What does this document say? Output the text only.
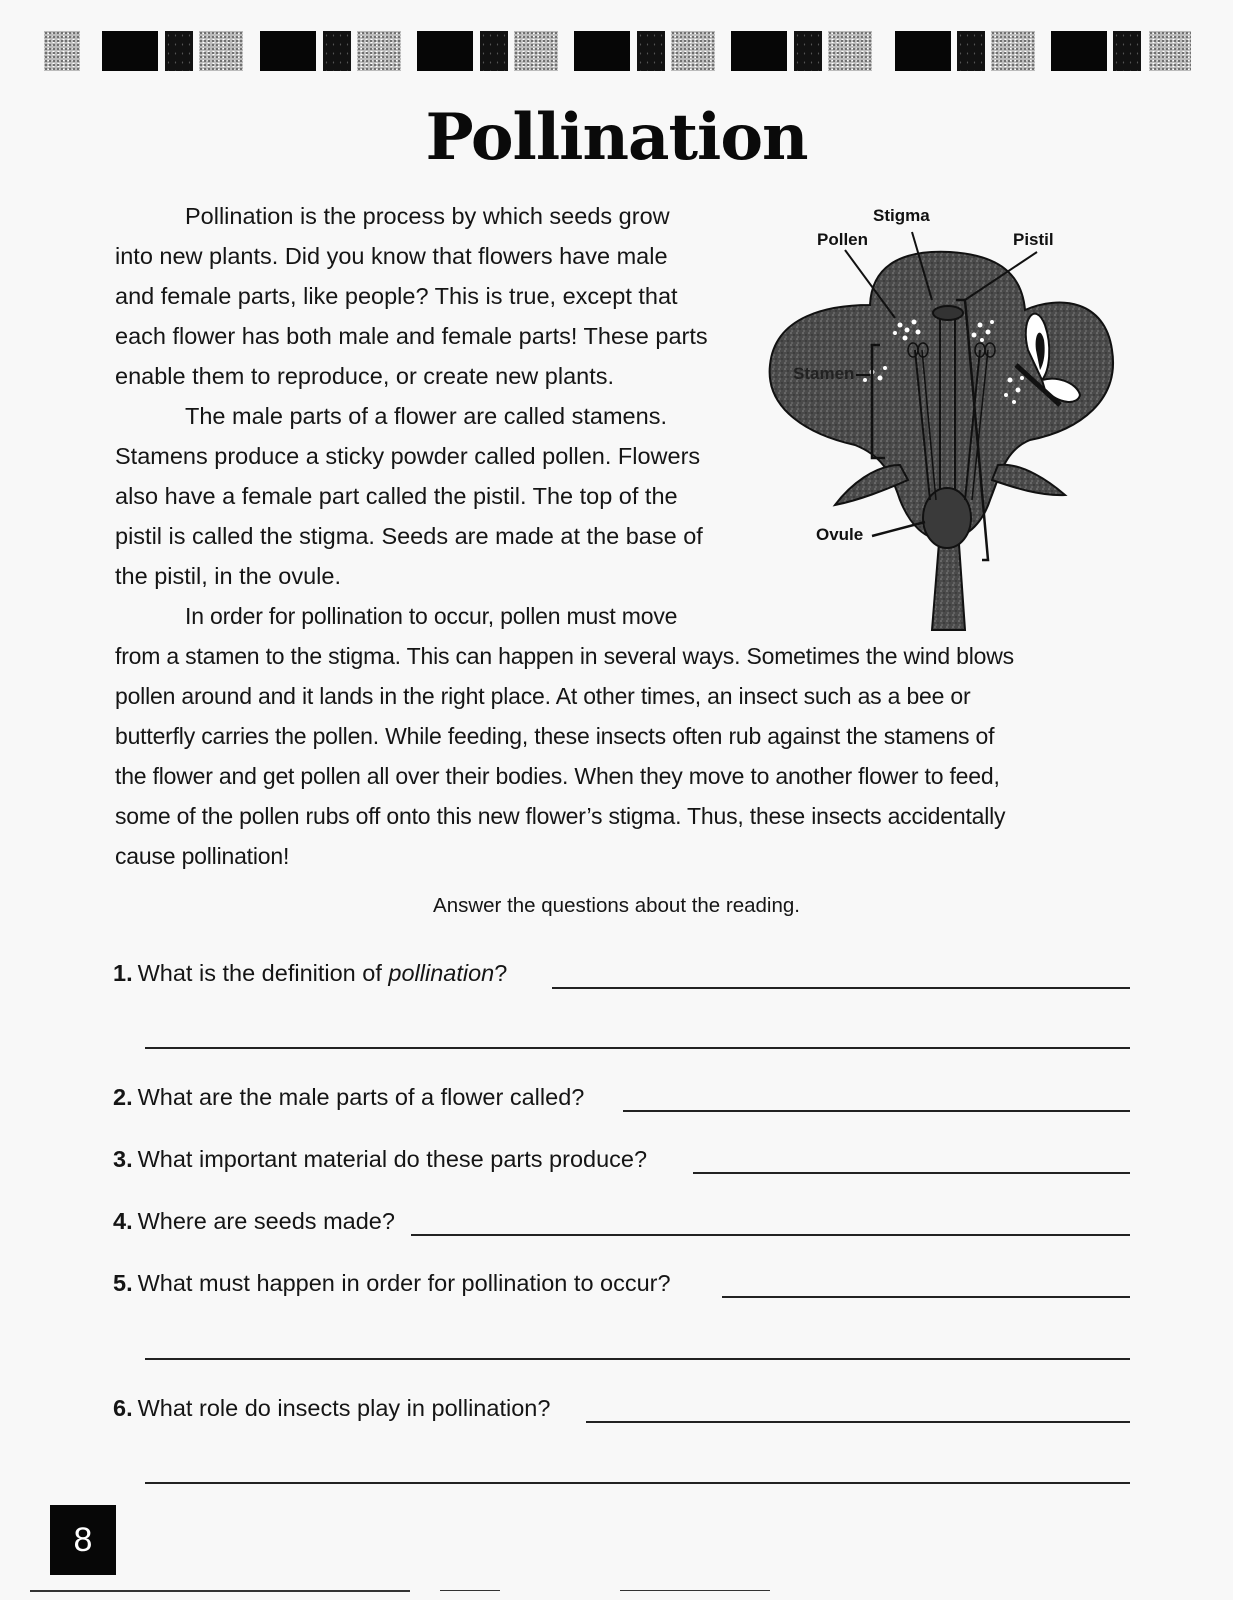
Pollination
Pollination is the process by which seeds grow
into new plants. Did you know that flowers have male
and female parts, like people? This is true, except that
each flower has both male and female parts! These parts
enable them to reproduce, or create new plants.
The male parts of a flower are called stamens.
Stamens produce a sticky powder called pollen. Flowers
also have a female part called the pistil. The top of the
pistil is called the stigma. Seeds are made at the base of
the pistil, in the ovule.
In order for pollination to occur, pollen must move
from a stamen to the stigma. This can happen in several ways. Sometimes the wind blows
pollen around and it lands in the right place. At other times, an insect such as a bee or
butterfly carries the pollen. While feeding, these insects often rub against the stamens of
the flower and get pollen all over their bodies. When they move to another flower to feed,
some of the pollen rubs off onto this new flower’s stigma. Thus, these insects accidentally
cause pollination!
Stigma
Pollen	Pistil
Stamen
Ovule
Answer the questions about the reading.
1. What is the definition of pollination ?
2. What are the male parts of a flower called?
3. What important material do these parts produce?
4. Where are seeds made?
5. What must happen in order for pollination to occur?
6. What role do insects play in pollination?
8
